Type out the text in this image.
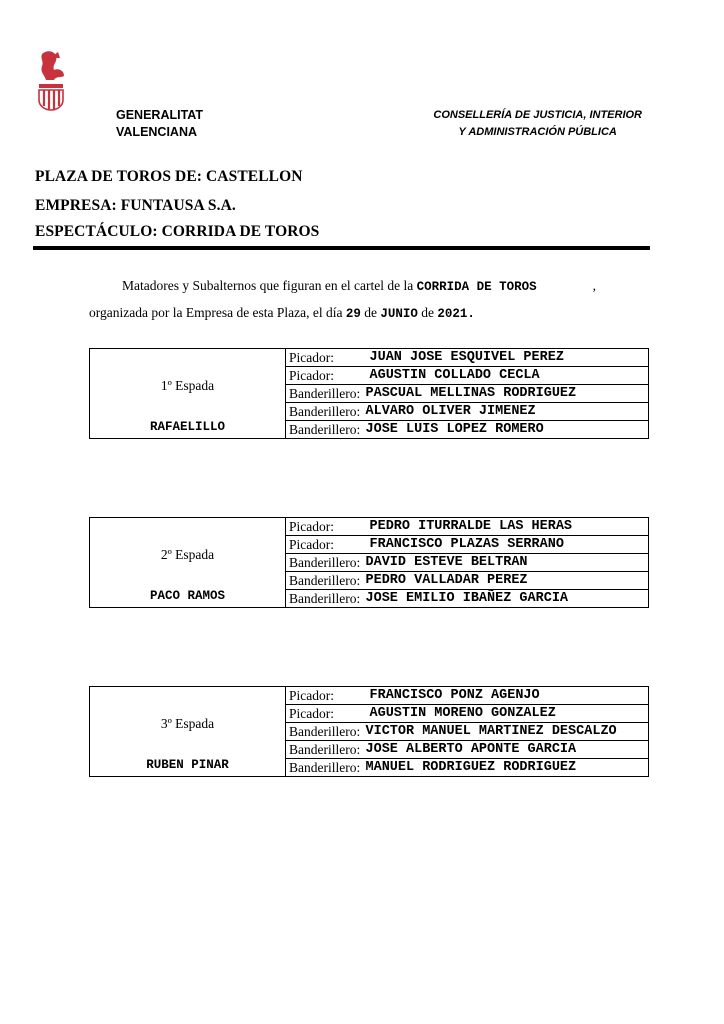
GENERALITAT
VALENCIANA
CONSELLERÍA DE JUSTICIA, INTERIOR
Y ADMINISTRACIÓN PÚBLICA
PLAZA DE TOROS DE: CASTELLON
EMPRESA: FUNTAUSA S.A.
ESPECTÁCULO: CORRIDA DE TOROS
Matadores y Subalternos que figuran en el cartel de la CORRIDA DE TOROS	,
organizada por la Empresa de esta Plaza, el día 29 de JUNIO de 2021.
1º Espada
RAFAELILLO	Picador:	JUAN JOSE ESQUIVEL PEREZ
	Picador:	AGUSTIN COLLADO CECLA
	Banderillero:	PASCUAL MELLINAS RODRIGUEZ
	Banderillero:	ALVARO OLIVER JIMENEZ
	Banderillero:	JOSE LUIS LOPEZ ROMERO
2º Espada
PACO RAMOS	Picador:	PEDRO ITURRALDE LAS HERAS
	Picador:	FRANCISCO PLAZAS SERRANO
	Banderillero:	DAVID ESTEVE BELTRAN
	Banderillero:	PEDRO VALLADAR PEREZ
	Banderillero:	JOSE EMILIO IBAÑEZ GARCIA
3º Espada
RUBEN PINAR	Picador:	FRANCISCO PONZ AGENJO
	Picador:	AGUSTIN MORENO GONZALEZ
	Banderillero:	VICTOR MANUEL MARTINEZ DESCALZO
	Banderillero:	JOSE ALBERTO APONTE GARCIA
	Banderillero:	MANUEL RODRIGUEZ RODRIGUEZ
